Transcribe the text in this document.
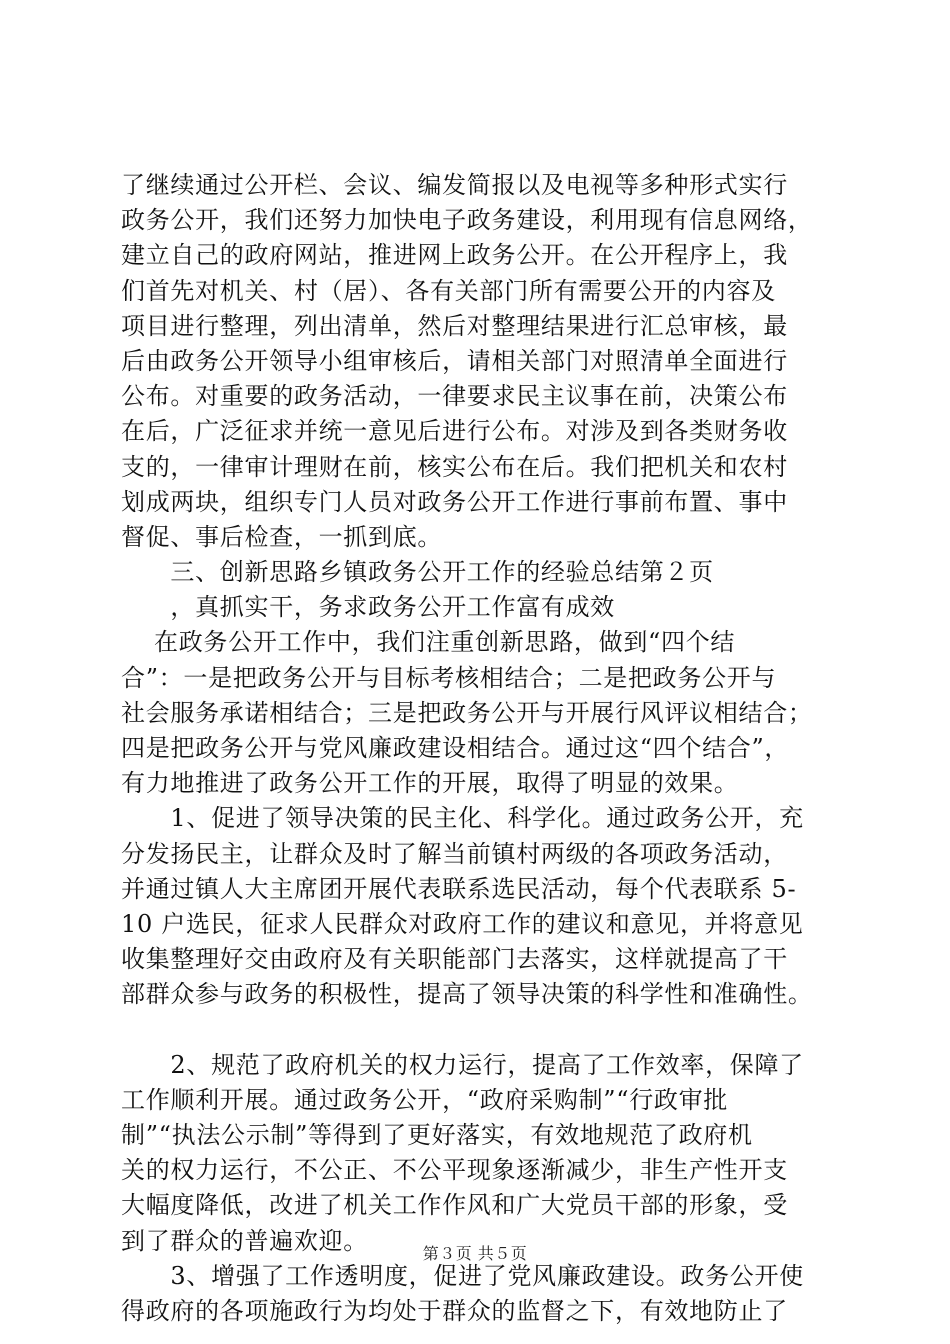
了继续通过公开栏、会议、编发简报以及电视等多种形式实行
政务公开，我们还努力加快电子政务建设，利用现有信息网络，
建立自己的政府网站，推进网上政务公开。在公开程序上，我
们首先对机关、村（居）、各有关部门所有需要公开的内容及
项目进行整理，列出清单，然后对整理结果进行汇总审核，最
后由政务公开领导小组审核后，请相关部门对照清单全面进行
公布。对重要的政务活动，一律要求民主议事在前，决策公布
在后，广泛征求并统一意见后进行公布。对涉及到各类财务收
支的，一律审计理财在前，核实公布在后。我们把机关和农村
划成两块，组织专门人员对政务公开工作进行事前布置、事中
督促、事后检查，一抓到底。
　　三、创新思路乡镇政务公开工作的经验总结第２页
　　，真抓实干，务求政务公开工作富有成效
　 在政务公开工作中，我们注重创新思路，做到“四个结
合”：一是把政务公开与目标考核相结合；二是把政务公开与
社会服务承诺相结合；三是把政务公开与开展行风评议相结合；
四是把政务公开与党风廉政建设相结合。通过这“四个结合”，
有力地推进了政务公开工作的开展，取得了明显的效果。
　　1、促进了领导决策的民主化、科学化。通过政务公开，充
分发扬民主，让群众及时了解当前镇村两级的各项政务活动，
并通过镇人大主席团开展代表联系选民活动，每个代表联系 5-
10 户选民，征求人民群众对政府工作的建议和意见，并将意见
收集整理好交由政府及有关职能部门去落实，这样就提高了干
部群众参与政务的积极性，提高了领导决策的科学性和准确性。
　　2、规范了政府机关的权力运行，提高了工作效率，保障了
工作顺利开展。通过政务公开，“政府采购制”“行政审批
制”“执法公示制”等得到了更好落实，有效地规范了政府机
关的权力运行，不公正、不公平现象逐渐减少，非生产性开支
大幅度降低，改进了机关工作作风和广大党员干部的形象，受
到了群众的普遍欢迎。
　　3、增强了工作透明度，促进了党风廉政建设。政务公开使
得政府的各项施政行为均处于群众的监督之下，有效地防止了
第３页 共５页
